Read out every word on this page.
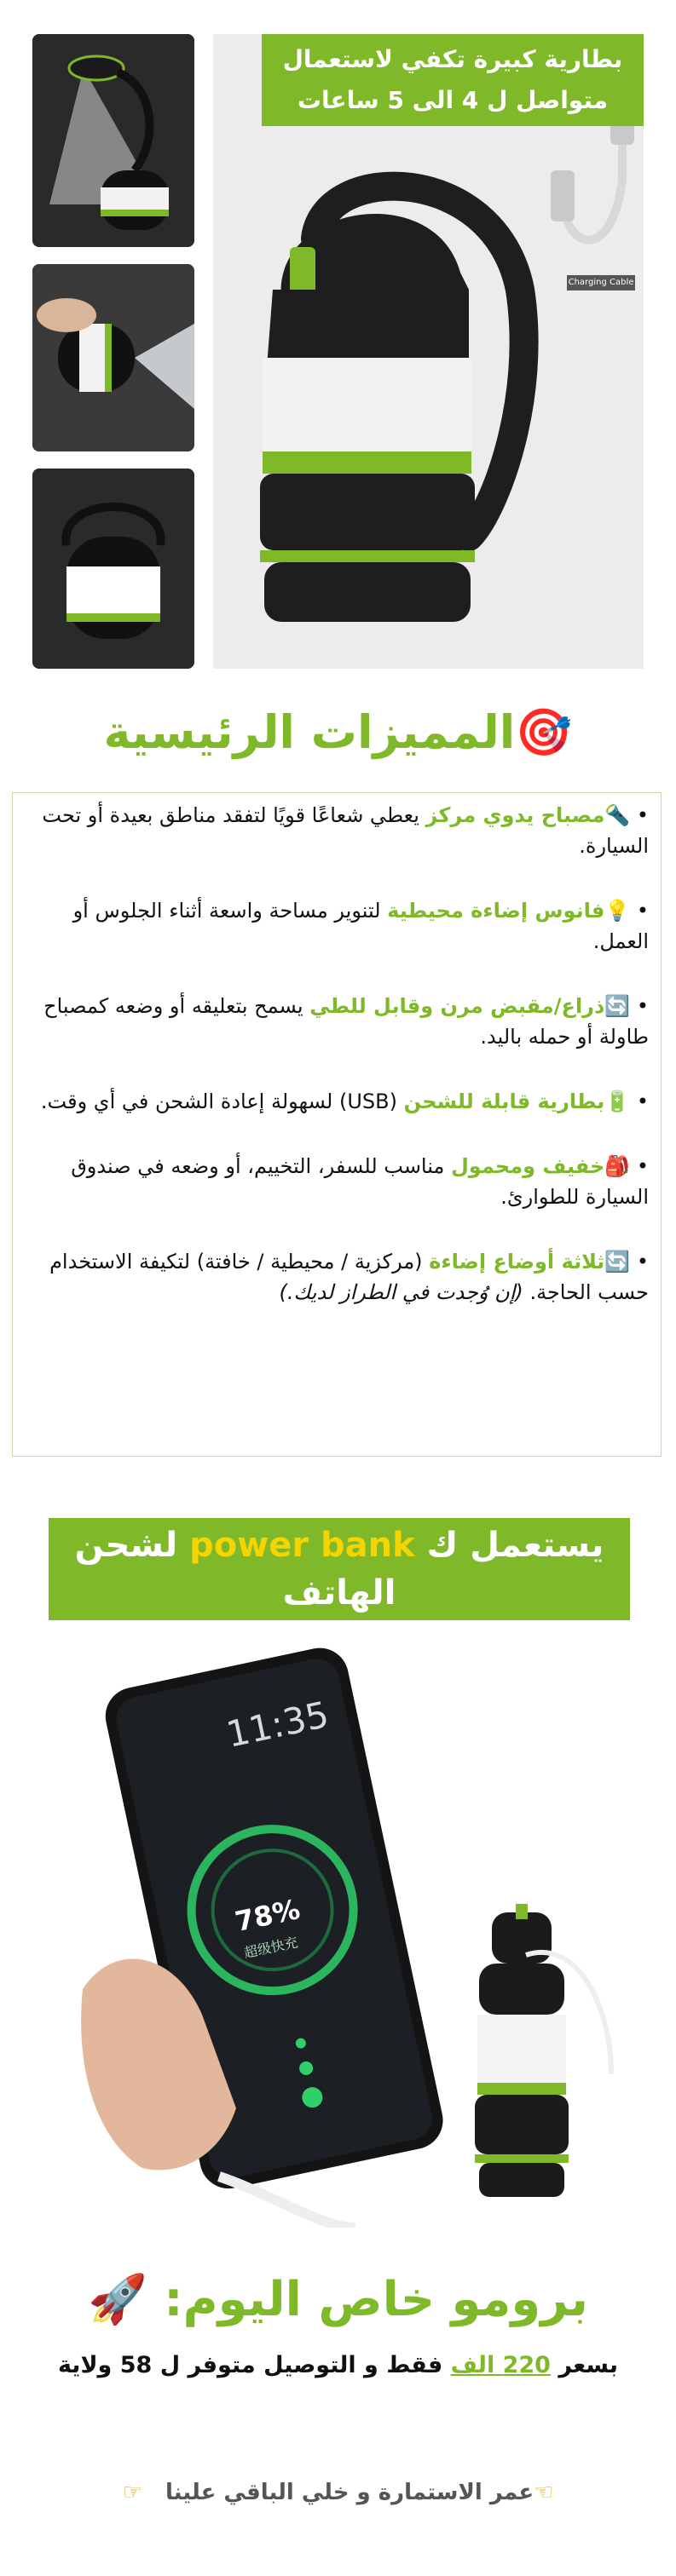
Charging Cable
بطارية كبيرة تكفي لاستعمال
متواصل ل 4 الى 5 ساعات
🎯المميزات الرئيسية
• 🔦مصباح يدوي مركز يعطي شعاعًا قويًا لتفقد مناطق بعيدة أو تحت السيارة.
• 💡فانوس إضاءة محيطية لتنوير مساحة واسعة أثناء الجلوس أو العمل.
• 🔄ذراع/مقبض مرن وقابل للطي يسمح بتعليقه أو وضعه كمصباح طاولة أو حمله باليد.
• 🔋بطارية قابلة للشحن (USB) لسهولة إعادة الشحن في أي وقت.
• 🎒خفيف ومحمول مناسب للسفر، التخييم، أو وضعه في صندوق السيارة للطوارئ.
• 🔄ثلاثة أوضاع إضاءة (مركزية / محيطية / خافتة) لتكيفة الاستخدام حسب الحاجة. (إن وُجدت في الطراز لديك.)
يستعمل ك power bank لشحن
الهاتف
11:35
78%
超级快充
برومو خاص اليوم: 🚀
بسعر 220 الف فقط و التوصيل متوفر ل 58 ولاية
☜عمر الاستمارة و خلي الباقي علينا   ☞
